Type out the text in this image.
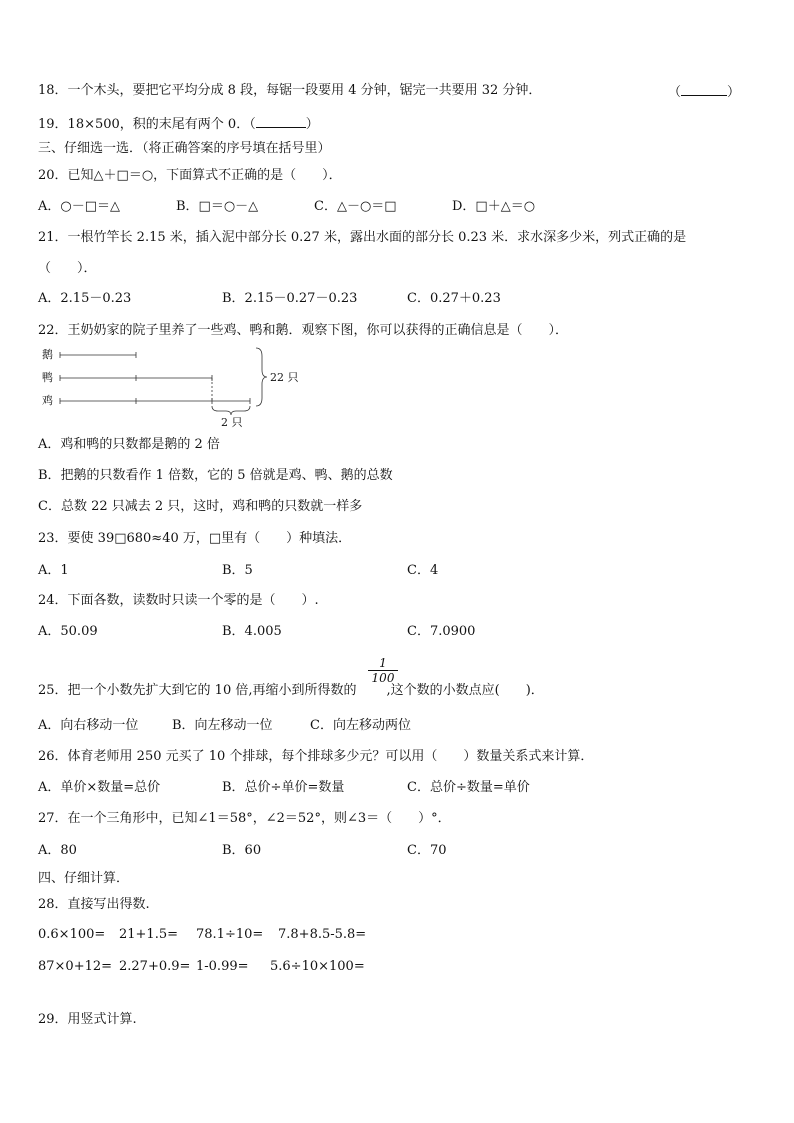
18．一个木头，要把它平均分成 8 段，每锯一段要用 4 分钟，锯完一共要用 32 分钟．	（	）
19．18×500，积的末尾有两个 0．（	）
三、仔细选一选．（将正确答案的序号填在括号里）
20．已知△＋□＝○，下面算式不正确的是（　　）．
A．○－□＝△	B．□＝○－△	C．△－○＝□	D．□＋△＝○
21．一根竹竿长 2.15 米，插入泥中部分长 0.27 米，露出水面的部分长 0.23 米．求水深多少米，列式正确的是
（　　）．
A．2.15－0.23	B．2.15－0.27－0.23	C．0.27＋0.23
22．王奶奶家的院子里养了一些鸡、鸭和鹅．观察下图，你可以获得的正确信息是（　　）．
鹅
鸭
鸡
2 只
22 只
A．鸡和鸭的只数都是鹅的 2 倍
B．把鹅的只数看作 1 倍数，它的 5 倍就是鸡、鸭、鹅的总数
C．总数 22 只减去 2 只，这时，鸡和鸭的只数就一样多
23．要使 39□680≈40 万，□里有（　　）种填法．
A．1	B．5	C．4
24．下面各数，读数时只读一个零的是（　　）.
A．50.09	B．4.005	C．7.0900
25．把一个小数先扩大到它的 10 倍,再缩小到所得数的 ,这个数的小数点应(　　)．
$\frac{1}{100}$
A．向右移动一位	B．向左移动一位	C．向左移动两位
26．体育老师用 250 元买了 10 个排球，每个排球多少元？可以用（　　）数量关系式来计算．
A．单价×数量=总价	B．总价÷单价=数量	C．总价÷数量=单价
27．在一个三角形中，已知∠1＝58°，∠2＝52°，则∠3＝（　　）°．
A．80	B．60	C．70
四、仔细计算．
28．直接写出得数.
0.6×100= 21+1.5= 78.1÷10= 7.8+8.5-5.8=
87×0+12= 2.27+0.9= 1-0.99= 5.6÷10×100=
29．用竖式计算.
